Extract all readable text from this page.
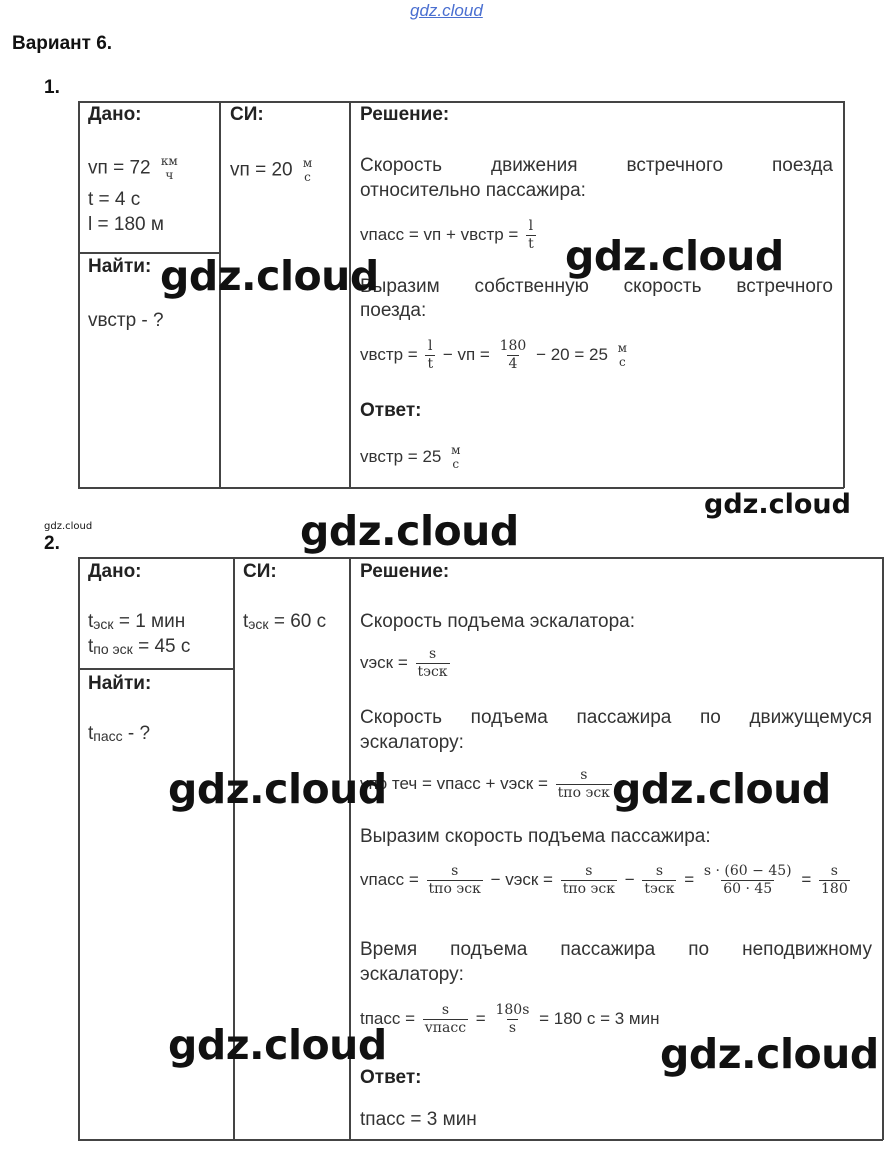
gdz.cloud
Вариант 6.
1.
Дано:
vп = 72 км
ч
t = 4 с
l = 180 м
Найти:
vвстр - ?
СИ:
vп = 20 м
с
Решение:
Скорость	движения	встречного	поезда
относительно пассажира:
vпасс = vп + vвстр = $\frac{l}{t}$
Выразим собственную скорость встречного
поезда:
vвстр = $\frac{l}{t}$ − vп = $\frac{180}{4} - 20 = 25$ м
с
Ответ:
vвстр = 25 м
с
gdz.cloud	gdz.cloud
gdz.cloud
gdz.cloud
2.	gdz.cloud
Дано:
$t_{эск} = 1$ мин
$t_{по эск} = 45$ с
Найти:
$t_{пасс}$ - ?
СИ:
$t_{эск} = 60$ с
Решение:
Скорость подъема эскалатора:
vэск = $\frac{s}{\text{tэск}}$
Скорость подъема пассажира по движущемуся
эскалатору:
vпо теч = vпасс + vэск = $\frac{s}{\text{tпо эск}}$
Выразим скорость подъема пассажира:
vпасс = $\frac{s}{\text{tпо эск}}$ − vэск = $\frac{s}{\text{tпо эск}} - \frac{s}{\text{tэск}} = \frac{s \cdot (60 - 45)}{60 \cdot 45} = \frac{s}{180}$
Время подъема пассажира по неподвижному
эскалатору:
tпасс = $\frac{s}{\text{vпасс}} = \frac{180s}{s} = 180$ с = 3 мин
Ответ:
tпасс = 3 мин
gdz.cloud	gdz.cloud
gdz.cloud	gdz.cloud
